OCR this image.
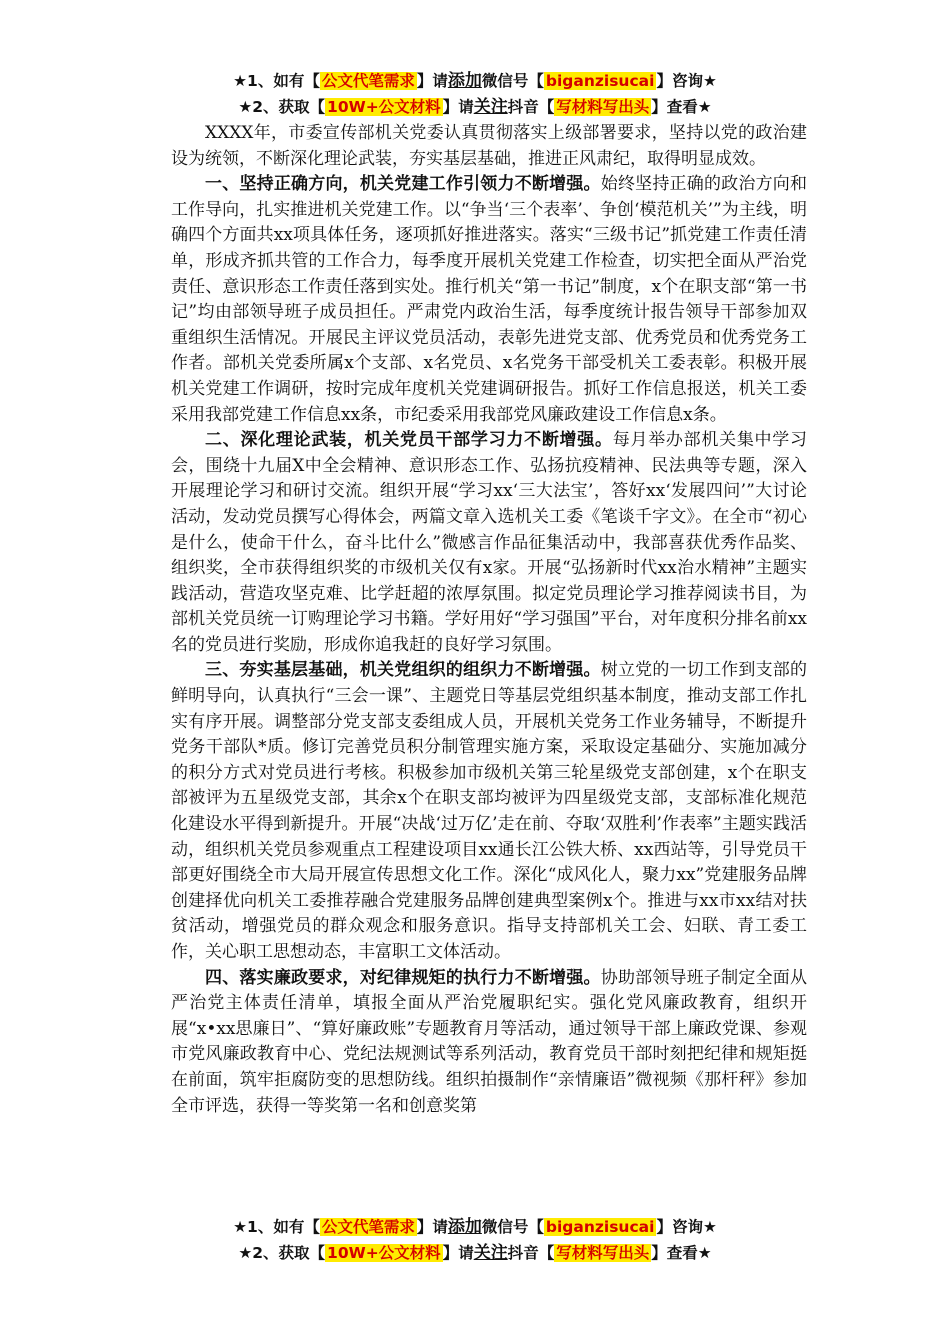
★1、如有【 公文代笔需求 】请添加微信号【 biganzisucai 】咨询★
★2、获取【 10W+公文材料 】请关注抖音【 写材料写出头 】查看★

XXXX年，市委宣传部机关党委认真贯彻落实上级部署要求，坚持以党的政治建设为统领，不断深化理论武装，夯实基层基础，推进正风肃纪，取得明显成效。

一、坚持正确方向，机关党建工作引领力不断增强。始终坚持正确的政治方向和工作导向，扎实推进机关党建工作。以“争当‘三个表率’、争创‘模范机关’”为主线，明确四个方面共xx项具体任务，逐项抓好推进落实。落实“三级书记”抓党建工作责任清单，形成齐抓共管的工作合力，每季度开展机关党建工作检查，切实把全面从严治党责任、意识形态工作责任落到实处。推行机关“第一书记”制度，x个在职支部“第一书记”均由部领导班子成员担任。严肃党内政治生活，每季度统计报告领导干部参加双重组织生活情况。开展民主评议党员活动，表彰先进党支部、优秀党员和优秀党务工作者。部机关党委所属x个支部、x名党员、x名党务干部受机关工委表彰。积极开展机关党建工作调研，按时完成年度机关党建调研报告。抓好工作信息报送，机关工委采用我部党建工作信息xx条，市纪委采用我部党风廉政建设工作信息x条。

二、深化理论武装，机关党员干部学习力不断增强。每月举办部机关集中学习会，围绕十九届X中全会精神、意识形态工作、弘扬抗疫精神、民法典等专题，深入开展理论学习和研讨交流。组织开展“学习xx‘三大法宝’，答好xx‘发展四问’”大讨论活动，发动党员撰写心得体会，两篇文章入选机关工委《笔谈千字文》。在全市“初心是什么，使命干什么，奋斗比什么”微感言作品征集活动中，我部喜获优秀作品奖、组织奖，全市获得组织奖的市级机关仅有x家。开展“弘扬新时代xx治水精神”主题实践活动，营造攻坚克难、比学赶超的浓厚氛围。拟定党员理论学习推荐阅读书目，为部机关党员统一订购理论学习书籍。学好用好“学习强国”平台，对年度积分排名前xx名的党员进行奖励，形成你追我赶的良好学习氛围。

三、夯实基层基础，机关党组织的组织力不断增强。树立党的一切工作到支部的鲜明导向，认真执行“三会一课”、主题党日等基层党组织基本制度，推动支部工作扎实有序开展。调整部分党支部支委组成人员，开展机关党务工作业务辅导，不断提升党务干部队*质。修订完善党员积分制管理实施方案，采取设定基础分、实施加减分的积分方式对党员进行考核。积极参加市级机关第三轮星级党支部创建，x个在职支部被评为五星级党支部，其余x个在职支部均被评为四星级党支部，支部标准化规范化建设水平得到新提升。开展“决战‘过万亿’走在前、夺取‘双胜利’作表率”主题实践活动，组织机关党员参观重点工程建设项目xx通长江公铁大桥、xx西站等，引导党员干部更好围绕全市大局开展宣传思想文化工作。深化“成风化人，聚力xx”党建服务品牌创建择优向机关工委推荐融合党建服务品牌创建典型案例x个。推进与xx市xx结对扶贫活动，增强党员的群众观念和服务意识。指导支持部机关工会、妇联、青工委工作，关心职工思想动态，丰富职工文体活动。

四、落实廉政要求，对纪律规矩的执行力不断增强。协助部领导班子制定全面从严治党主体责任清单，填报全面从严治党履职纪实。强化党风廉政教育，组织开展“x•xx思廉日”、“算好廉政账”专题教育月等活动，通过领导干部上廉政党课、参观市党风廉政教育中心、党纪法规测试等系列活动，教育党员干部时刻把纪律和规矩挺在前面，筑牢拒腐防变的思想防线。组织拍摄制作“亲情廉语”微视频《那杆秤》参加全市评选，获得一等奖第一名和创意奖第

★1、如有【 公文代笔需求 】请添加微信号【 biganzisucai 】咨询★
★2、获取【 10W+公文材料 】请关注抖音【 写材料写出头 】查看★
